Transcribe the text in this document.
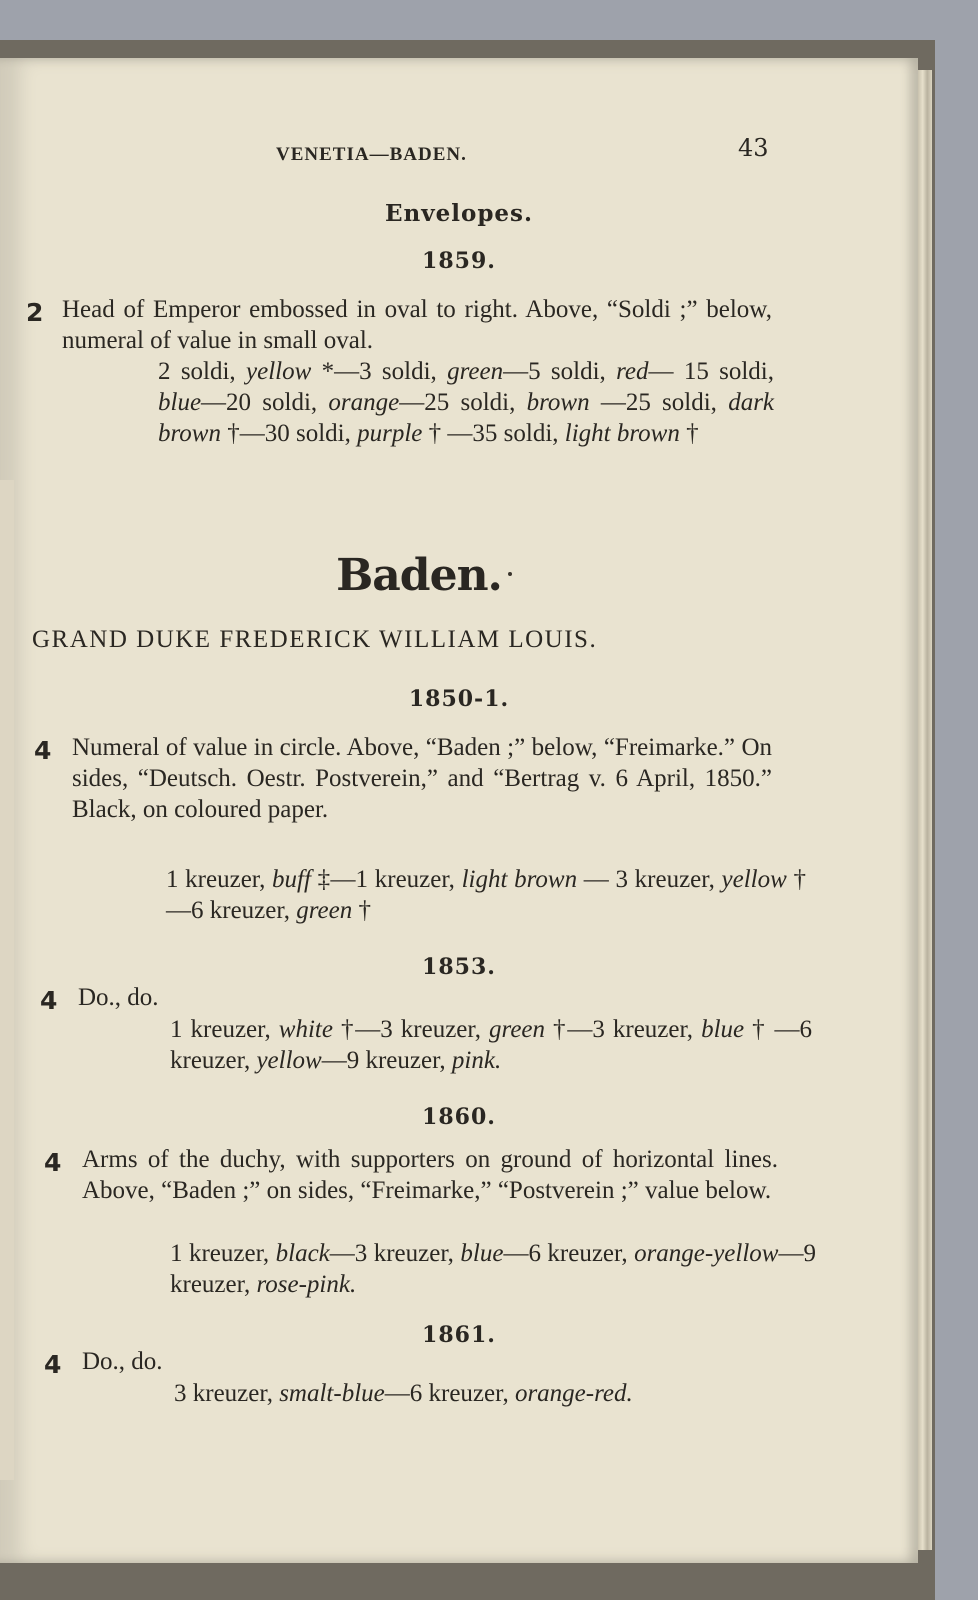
VENETIA—BADEN.	43
Envelopes.
1859.
2 Head of Emperor embossed in oval to right. Above, “Soldi ;” below, numeral of value in small oval.
2 soldi, yellow *—3 soldi, green—5 soldi, red— 15 soldi, blue—20 soldi, orange—25 soldi, brown —25 soldi, dark brown †—30 soldi, purple † —35 soldi, light brown †
Baden.
GRAND DUKE FREDERICK WILLIAM LOUIS.
1850-1.
4 Numeral of value in circle. Above, “Baden ;” below, “Freimarke.” On sides, “Deutsch. Oestr. Postverein,” and “Bertrag v. 6 April, 1850.” Black, on coloured paper.
1 kreuzer, buff ‡—1 kreuzer, light brown — 3 kreuzer, yellow †—6 kreuzer, green †
1853.
4 Do., do.
1 kreuzer, white †—3 kreuzer, green †—3 kreuzer, blue † —6 kreuzer, yellow—9 kreuzer, pink.
1860.
4 Arms of the duchy, with supporters on ground of horizontal lines. Above, “Baden ;” on sides, “Freimarke,” “Postverein ;” value below.
1 kreuzer, black—3 kreuzer, blue—6 kreuzer, orange-yellow—9 kreuzer, rose-pink.
1861.
4 Do., do.
3 kreuzer, smalt-blue—6 kreuzer, orange-red.
